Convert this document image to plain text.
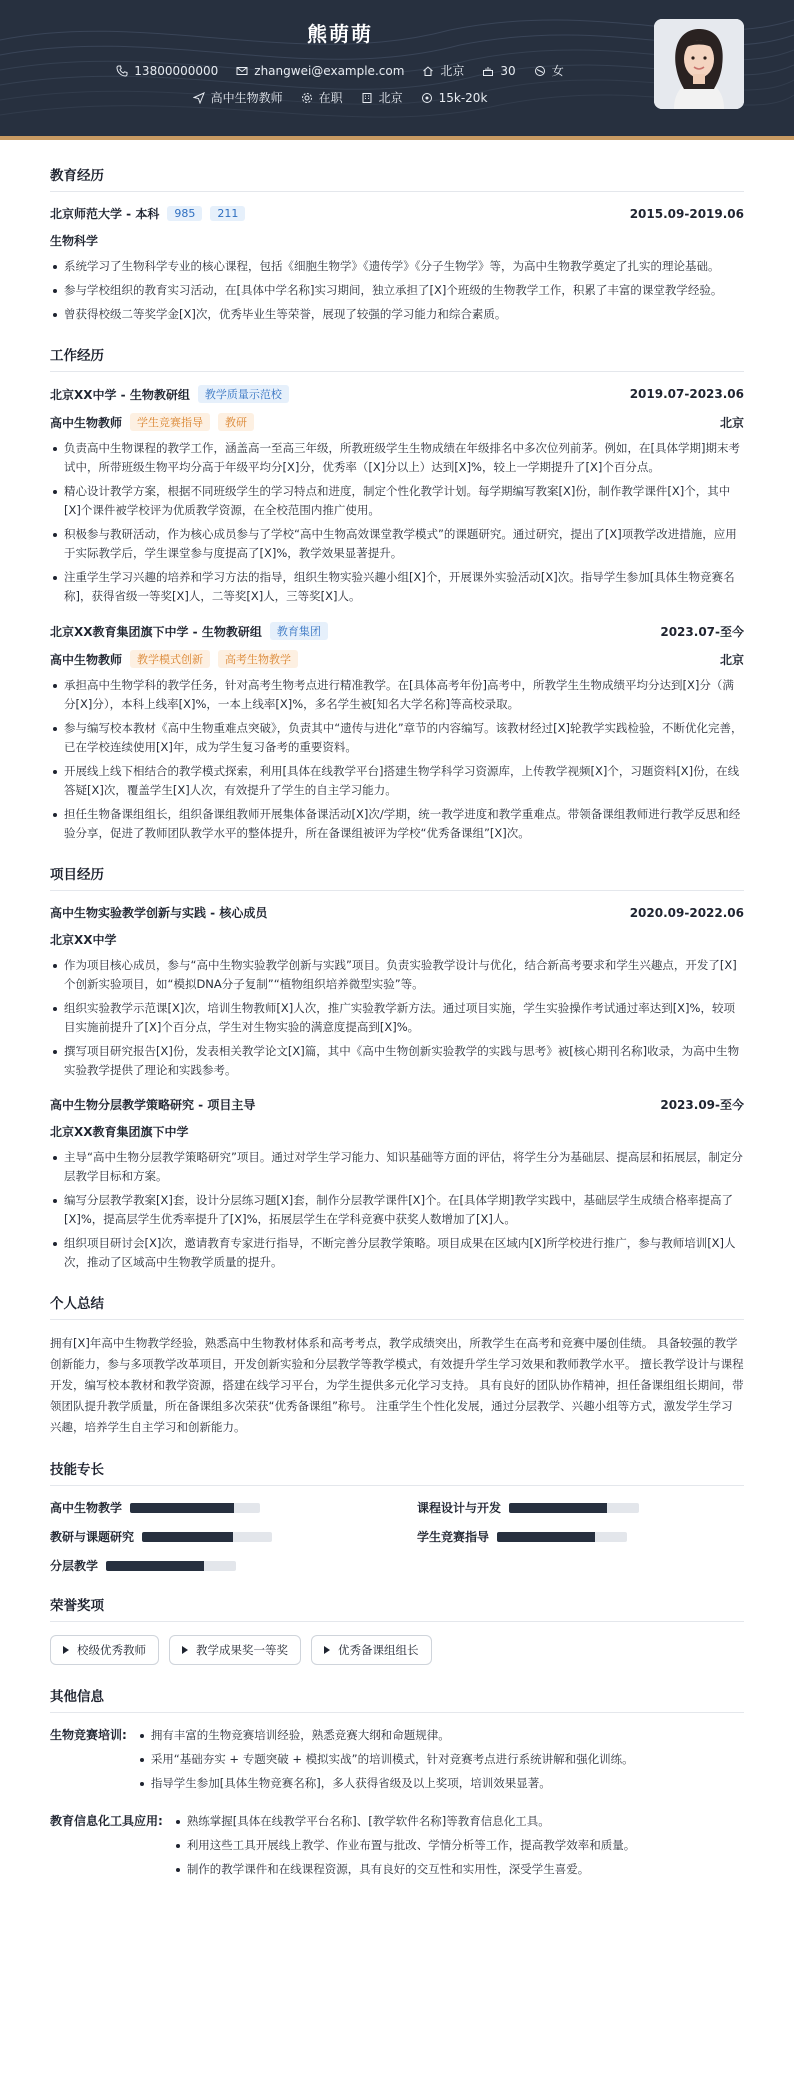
熊萌萌
13800000000	zhangwei@example.com	北京	30	女
高中生物教师	在职	北京	15k-20k
教育经历
北京师范大学 - 本科	985	211	2015.09-2019.06
生物科学
系统学习了生物科学专业的核心课程，包括《细胞生物学》《遗传学》《分子生物学》等，为高中生物教学奠定了扎实的理论基础。
参与学校组织的教育实习活动，在[具体中学名称]实习期间，独立承担了[X]个班级的生物教学工作，积累了丰富的课堂教学经验。
曾获得校级二等奖学金[X]次，优秀毕业生等荣誉，展现了较强的学习能力和综合素质。
工作经历
北京XX中学 - 生物教研组	教学质量示范校	2019.07-2023.06
高中生物教师	学生竞赛指导	教研	北京
负责高中生物课程的教学工作，涵盖高一至高三年级，所教班级学生生物成绩在年级排名中多次位列前茅。例如，在[具体学期]期末考试中，所带班级生物平均分高于年级平均分[X]分，优秀率（[X]分以上）达到[X]%，较上一学期提升了[X]个百分点。
精心设计教学方案，根据不同班级学生的学习特点和进度，制定个性化教学计划。每学期编写教案[X]份，制作教学课件[X]个，其中[X]个课件被学校评为优质教学资源，在全校范围内推广使用。
积极参与教研活动，作为核心成员参与了学校“高中生物高效课堂教学模式”的课题研究。通过研究，提出了[X]项教学改进措施，应用于实际教学后，学生课堂参与度提高了[X]%，教学效果显著提升。
注重学生学习兴趣的培养和学习方法的指导，组织生物实验兴趣小组[X]个，开展课外实验活动[X]次。指导学生参加[具体生物竞赛名称]，获得省级一等奖[X]人，二等奖[X]人，三等奖[X]人。
北京XX教育集团旗下中学 - 生物教研组	教育集团	2023.07-至今
高中生物教师	教学模式创新	高考生物教学	北京
承担高中生物学科的教学任务，针对高考生物考点进行精准教学。在[具体高考年份]高考中，所教学生生物成绩平均分达到[X]分（满分[X]分），本科上线率[X]%，一本上线率[X]%，多名学生被[知名大学名称]等高校录取。
参与编写校本教材《高中生物重难点突破》，负责其中“遗传与进化”章节的内容编写。该教材经过[X]轮教学实践检验，不断优化完善，已在学校连续使用[X]年，成为学生复习备考的重要资料。
开展线上线下相结合的教学模式探索，利用[具体在线教学平台]搭建生物学科学习资源库，上传教学视频[X]个，习题资料[X]份，在线答疑[X]次，覆盖学生[X]人次，有效提升了学生的自主学习能力。
担任生物备课组组长，组织备课组教师开展集体备课活动[X]次/学期，统一教学进度和教学重难点。带领备课组教师进行教学反思和经验分享，促进了教师团队教学水平的整体提升，所在备课组被评为学校“优秀备课组”[X]次。
项目经历
高中生物实验教学创新与实践 - 核心成员	2020.09-2022.06
北京XX中学
作为项目核心成员，参与“高中生物实验教学创新与实践”项目。负责实验教学设计与优化，结合新高考要求和学生兴趣点，开发了[X]个创新实验项目，如“模拟DNA分子复制”“植物组织培养微型实验”等。
组织实验教学示范课[X]次，培训生物教师[X]人次，推广实验教学新方法。通过项目实施，学生实验操作考试通过率达到[X]%，较项目实施前提升了[X]个百分点，学生对生物实验的满意度提高到[X]%。
撰写项目研究报告[X]份，发表相关教学论文[X]篇，其中《高中生物创新实验教学的实践与思考》被[核心期刊名称]收录，为高中生物实验教学提供了理论和实践参考。
高中生物分层教学策略研究 - 项目主导	2023.09-至今
北京XX教育集团旗下中学
主导“高中生物分层教学策略研究”项目。通过对学生学习能力、知识基础等方面的评估，将学生分为基础层、提高层和拓展层，制定分层教学目标和方案。
编写分层教学教案[X]套，设计分层练习题[X]套，制作分层教学课件[X]个。在[具体学期]教学实践中，基础层学生成绩合格率提高了[X]%，提高层学生优秀率提升了[X]%，拓展层学生在学科竞赛中获奖人数增加了[X]人。
组织项目研讨会[X]次，邀请教育专家进行指导，不断完善分层教学策略。项目成果在区域内[X]所学校进行推广，参与教师培训[X]人次，推动了区域高中生物教学质量的提升。
个人总结

拥有[X]年高中生物教学经验，熟悉高中生物教材体系和高考考点，教学成绩突出，所教学生在高考和竞赛中屡创佳绩。 具备较强的教学创新能力，参与多项教学改革项目，开发创新实验和分层教学等教学模式，有效提升学生学习效果和教师教学水平。 擅长教学设计与课程开发，编写校本教材和教学资源，搭建在线学习平台，为学生提供多元化学习支持。 具有良好的团队协作精神，担任备课组组长期间，带领团队提升教学质量，所在备课组多次荣获“优秀备课组”称号。 注重学生个性化发展，通过分层教学、兴趣小组等方式，激发学生学习兴趣，培养学生自主学习和创新能力。

技能专长
高中生物教学	课程设计与开发
教研与课题研究	学生竞赛指导
分层教学
荣誉奖项
校级优秀教师	教学成果奖一等奖	优秀备课组组长
其他信息
生物竞赛培训:	拥有丰富的生物竞赛培训经验，熟悉竞赛大纲和命题规律。
采用“基础夯实 + 专题突破 + 模拟实战”的培训模式，针对竞赛考点进行系统讲解和强化训练。
指导学生参加[具体生物竞赛名称]，多人获得省级及以上奖项，培训效果显著。
教育信息化工具应用:	熟练掌握[具体在线教学平台名称]、[教学软件名称]等教育信息化工具。
利用这些工具开展线上教学、作业布置与批改、学情分析等工作，提高教学效率和质量。
制作的教学课件和在线课程资源，具有良好的交互性和实用性，深受学生喜爱。
